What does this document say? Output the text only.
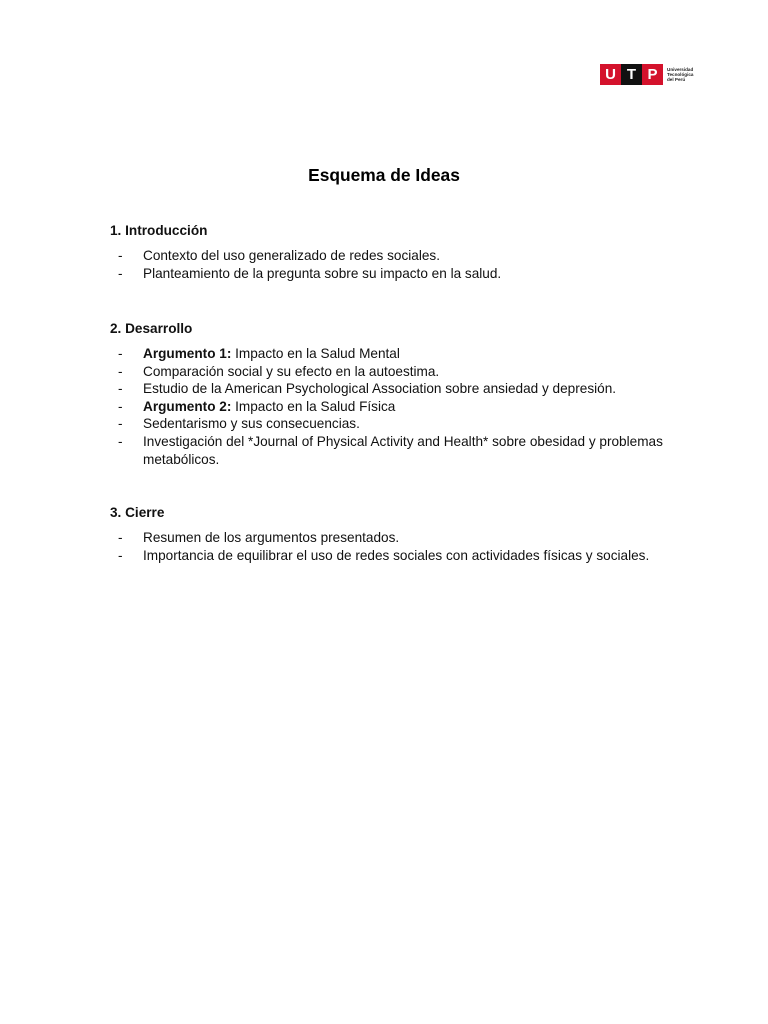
U T P	Universidad
Tecnológica
del Perú
Esquema de Ideas
1. Introducción
- Contexto del uso generalizado de redes sociales.
- Planteamiento de la pregunta sobre su impacto en la salud.
2. Desarrollo
- Argumento 1: Impacto en la Salud Mental
- Comparación social y su efecto en la autoestima.
- Estudio de la American Psychological Association sobre ansiedad y depresión.
- Argumento 2: Impacto en la Salud Física
- Sedentarismo y sus consecuencias.
- Investigación del *Journal of Physical Activity and Health* sobre obesidad y problemas metabólicos.
3. Cierre
- Resumen de los argumentos presentados.
- Importancia de equilibrar el uso de redes sociales con actividades físicas y sociales.
